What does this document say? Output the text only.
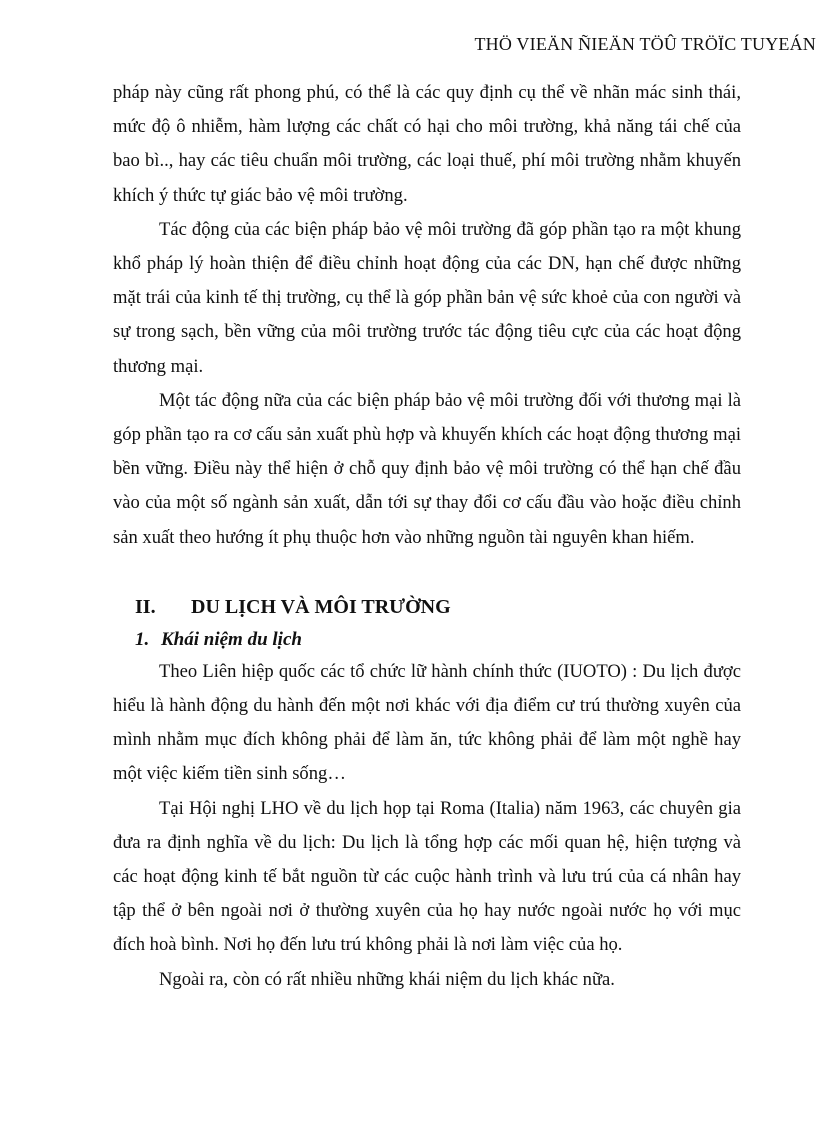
THÖ VIEÄN ÑIEÄN TÖÛ TRÖÏC TUYEÁN

pháp này cũng rất phong phú, có thể là các quy định cụ thể về nhãn mác sinh thái, mức độ ô nhiễm, hàm lượng các chất có hại cho môi trường, khả năng tái chế của bao bì.., hay các tiêu chuẩn môi trường, các loại thuế, phí môi trường nhằm khuyến khích ý thức tự giác bảo vệ môi trường.

Tác động của các biện pháp bảo vệ môi trường đã góp phần tạo ra một khung khổ pháp lý hoàn thiện để điều chỉnh hoạt động của các DN, hạn chế được những mặt trái của kinh tế thị trường, cụ thể là góp phần bản vệ sức khoẻ của con người và sự trong sạch, bền vững của môi trường trước tác động tiêu cực của các hoạt động thương mại.

Một tác động nữa của các biện pháp bảo vệ môi trường đối với thương mại là góp phần tạo ra cơ cấu sản xuất phù hợp và khuyến khích các hoạt động thương mại bền vững. Điều này thể hiện ở chỗ quy định bảo vệ môi trường có thể hạn chế đầu vào của một số ngành sản xuất, dẫn tới sự thay đổi cơ cấu đầu vào hoặc điều chỉnh sản xuất theo hướng ít phụ thuộc hơn vào những nguồn tài nguyên khan hiếm.

II. DU LỊCH VÀ MÔI TRƯỜNG
1. Khái niệm du lịch

Theo Liên hiệp quốc các tổ chức lữ hành chính thức (IUOTO) : Du lịch được hiểu là hành động du hành đến một nơi khác với địa điểm cư trú thường xuyên của mình nhằm mục đích không phải để làm ăn, tức không phải để làm một nghề hay một việc kiếm tiền sinh sống…

Tại Hội nghị LHO về du lịch họp tại Roma (Italia) năm 1963, các chuyên gia đưa ra định nghĩa về du lịch: Du lịch là tổng hợp các mối quan hệ, hiện tượng và các hoạt động kinh tế bắt nguồn từ các cuộc hành trình và lưu trú của cá nhân hay tập thể ở bên ngoài nơi ở thường xuyên của họ hay nước ngoài nước họ với mục đích hoà bình. Nơi họ đến lưu trú không phải là nơi làm việc của họ.

Ngoài ra, còn có rất nhiều những khái niệm du lịch khác nữa.
